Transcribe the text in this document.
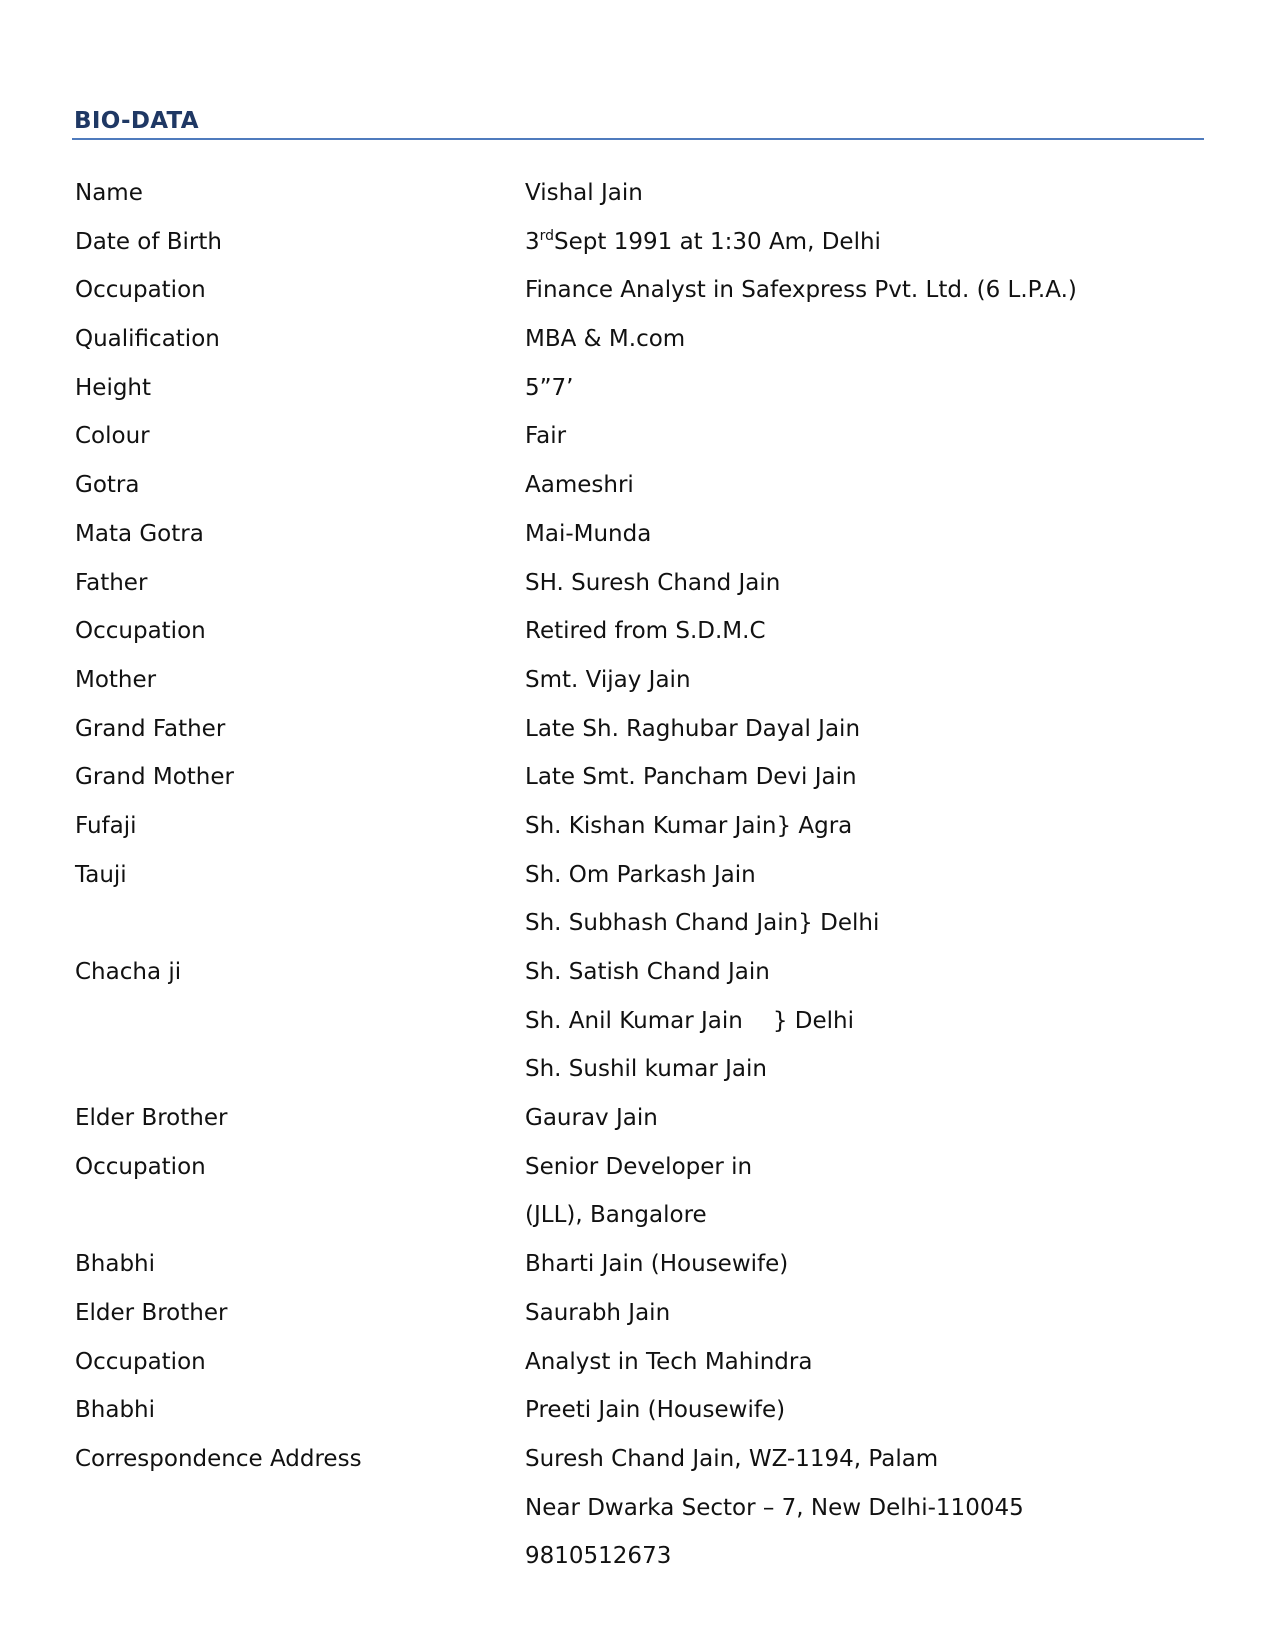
BIO-DATA
Name	Vishal Jain
Date of Birth	3rdSept 1991 at 1:30 Am, Delhi
Occupation	Finance Analyst in Safexpress Pvt. Ltd. (6 L.P.A.)
Qualification	MBA & M.com
Height	5”7’
Colour	Fair
Gotra	Aameshri
Mata Gotra	Mai-Munda
Father	SH. Suresh Chand Jain
Occupation	Retired from S.D.M.C
Mother	Smt. Vijay Jain
Grand Father	Late Sh. Raghubar Dayal Jain
Grand Mother	Late Smt. Pancham Devi Jain
Fufaji	Sh. Kishan Kumar Jain} Agra
Tauji	Sh. Om Parkash Jain
Sh. Subhash Chand Jain} Delhi
Chacha ji	Sh. Satish Chand Jain
Sh. Anil Kumar Jain } Delhi
Sh. Sushil kumar Jain
Elder Brother	Gaurav Jain
Occupation	Senior Developer in
(JLL), Bangalore
Bhabhi	Bharti Jain (Housewife)
Elder Brother	Saurabh Jain
Occupation	Analyst in Tech Mahindra
Bhabhi	Preeti Jain (Housewife)
Correspondence Address	Suresh Chand Jain, WZ-1194, Palam
Near Dwarka Sector – 7, New Delhi-110045
9810512673
